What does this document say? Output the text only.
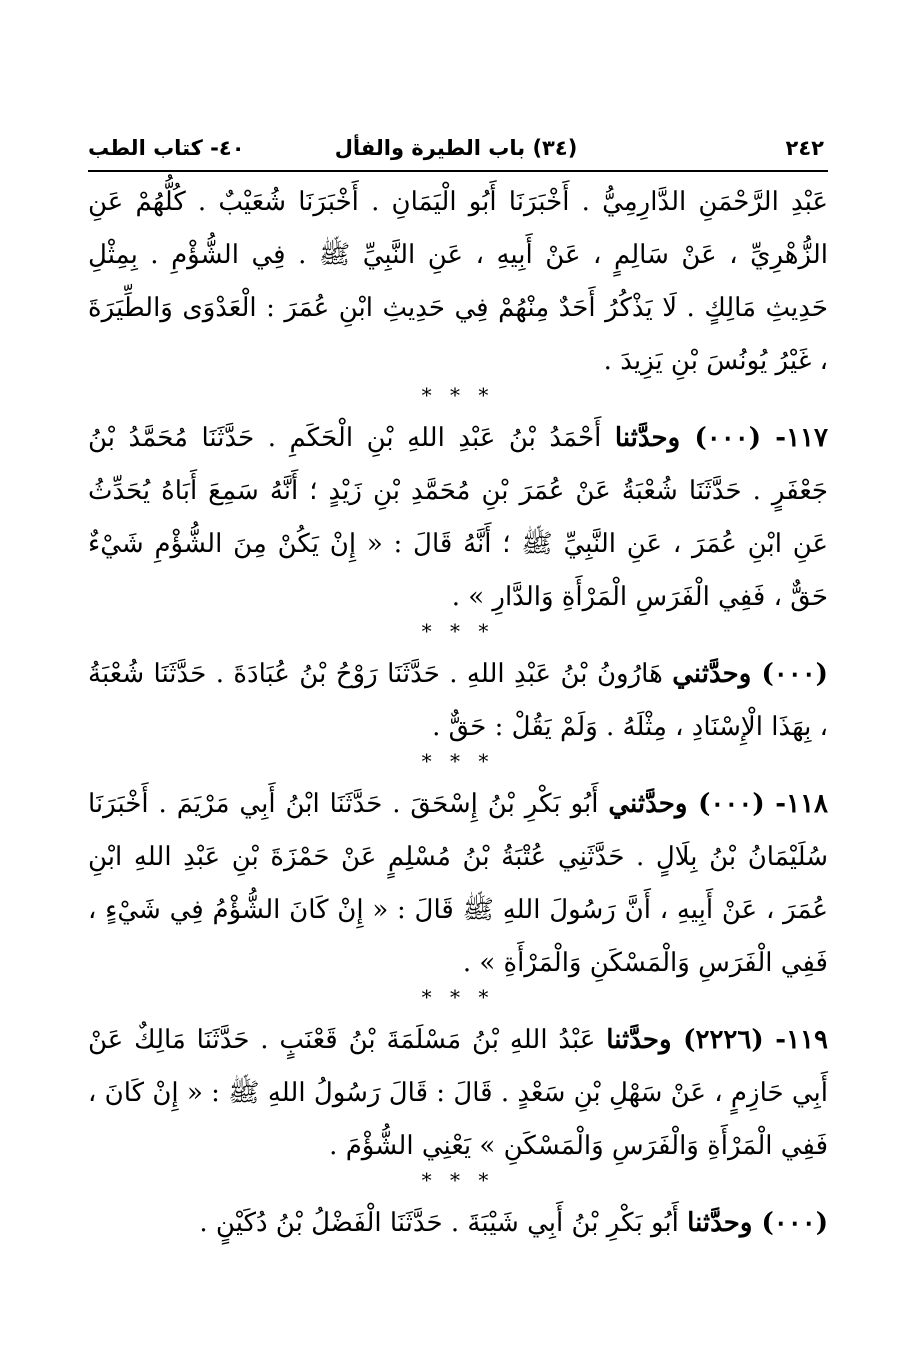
٢٤٢
(٣٤) باب الطيرة والفأل
٤٠- كتاب الطب

عَبْدِ الرَّحْمَنِ الدَّارِمِيُّ . أَخْبَرَنَا أَبُو الْيَمَانِ . أَخْبَرَنَا شُعَيْبٌ . كُلُّهُمْ عَنِ الزُّهْرِيِّ ، عَنْ سَالِمٍ ، عَنْ أَبِيهِ ، عَنِ النَّبِيِّ ﷺ . فِي الشُّؤْمِ . بِمِثْلِ حَدِيثِ مَالِكٍ . لَا يَذْكُرُ أَحَدٌ مِنْهُمْ فِي حَدِيثِ ابْنِ عُمَرَ : الْعَدْوَى وَالطِّيَرَةَ ، غَيْرُ يُونُسَ بْنِ يَزِيدَ .

* * *

١١٧- (٠٠٠) وحدَّثنا أَحْمَدُ بْنُ عَبْدِ اللهِ بْنِ الْحَكَمِ . حَدَّثَنَا مُحَمَّدُ بْنُ جَعْفَرٍ . حَدَّثَنَا شُعْبَةُ عَنْ عُمَرَ بْنِ مُحَمَّدِ بْنِ زَيْدٍ ؛ أَنَّهُ سَمِعَ أَبَاهُ يُحَدِّثُ عَنِ ابْنِ عُمَرَ ، عَنِ النَّبِيِّ ﷺ ؛ أَنَّهُ قَالَ : « إِنْ يَكُنْ مِنَ الشُّؤْمِ شَيْءٌ حَقٌّ ، فَفِي الْفَرَسِ الْمَرْأَةِ وَالدَّارِ » .

* * *

(٠٠٠) وحدَّثني هَارُونُ بْنُ عَبْدِ اللهِ . حَدَّثَنَا رَوْحُ بْنُ عُبَادَةَ . حَدَّثَنَا شُعْبَةُ ، بِهَذَا الْإِسْنَادِ ، مِثْلَهُ . وَلَمْ يَقُلْ : حَقٌّ .

* * *

١١٨- (٠٠٠) وحدَّثني أَبُو بَكْرِ بْنُ إِسْحَقَ . حَدَّثَنَا ابْنُ أَبِي مَرْيَمَ . أَخْبَرَنَا سُلَيْمَانُ بْنُ بِلَالٍ . حَدَّثَنِي عُتْبَةُ بْنُ مُسْلِمٍ عَنْ حَمْزَةَ بْنِ عَبْدِ اللهِ ابْنِ عُمَرَ ، عَنْ أَبِيهِ ، أَنَّ رَسُولَ اللهِ ﷺ قَالَ : « إِنْ كَانَ الشُّؤْمُ فِي شَيْءٍ ، فَفِي الْفَرَسِ وَالْمَسْكَنِ وَالْمَرْأَةِ » .

* * *

١١٩- (٢٢٢٦) وحدَّثنا عَبْدُ اللهِ بْنُ مَسْلَمَةَ بْنُ قَعْنَبٍ . حَدَّثَنَا مَالِكٌ عَنْ أَبِي حَازِمٍ ، عَنْ سَهْلِ بْنِ سَعْدٍ . قَالَ : قَالَ رَسُولُ اللهِ ﷺ : « إِنْ كَانَ ، فَفِي الْمَرْأَةِ وَالْفَرَسِ وَالْمَسْكَنِ » يَعْنِي الشُّؤْمَ .

* * *

(٠٠٠) وحدَّثنا أَبُو بَكْرِ بْنُ أَبِي شَيْبَةَ . حَدَّثَنَا الْفَضْلُ بْنُ دُكَيْنٍ .
